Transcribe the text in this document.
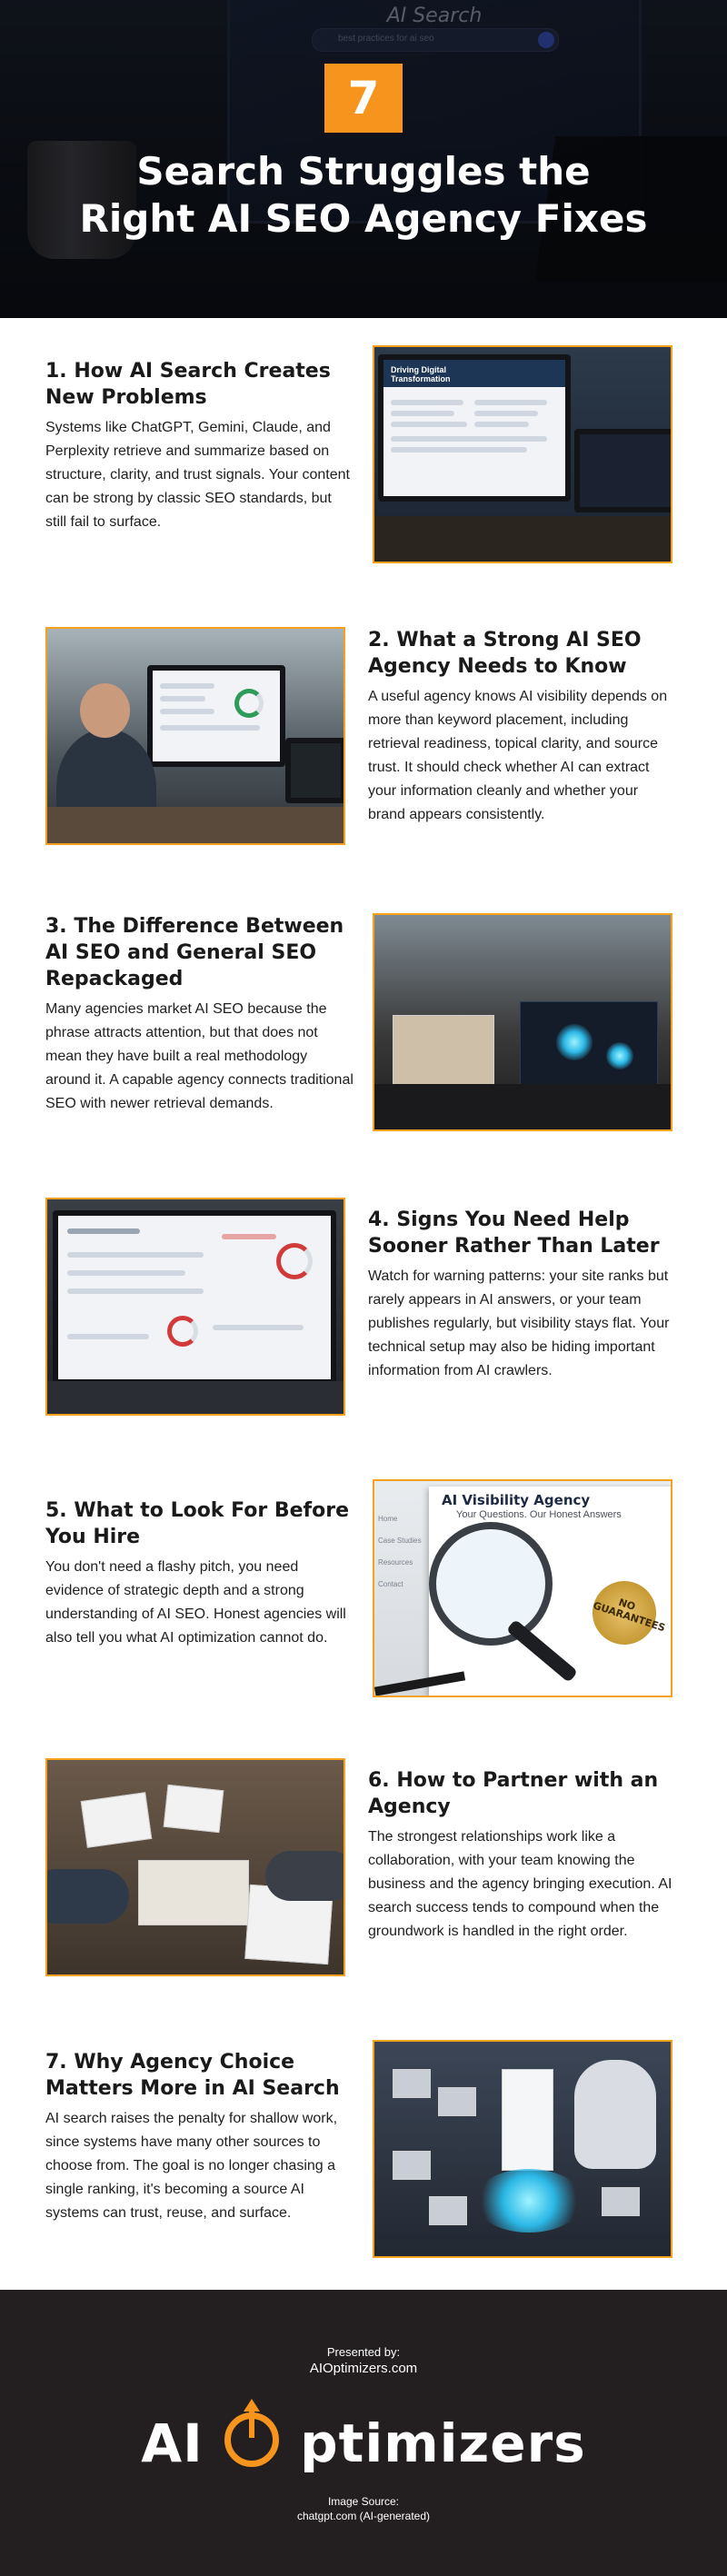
AI Search
best practices for ai seo
7
Search Struggles the
Right AI SEO Agency Fixes
1. How AI Search Creates New Problems

Systems like ChatGPT, Gemini, Claude, and Perplexity retrieve and summarize based on structure, clarity, and trust signals. Your content can be strong by classic SEO standards, but still fail to surface.

Driving Digital Transformation
2. What a Strong AI SEO Agency Needs to Know

A useful agency knows AI visibility depends on more than keyword placement, including retrieval readiness, topical clarity, and source trust. It should check whether AI can extract your information cleanly and whether your brand appears consistently.

3. The Difference Between AI SEO and General SEO Repackaged

Many agencies market AI SEO because the phrase attracts attention, but that does not mean they have built a real methodology around it. A capable agency connects traditional SEO with newer retrieval demands.

4. Signs You Need Help Sooner Rather Than Later

Watch for warning patterns: your site ranks but rarely appears in AI answers, or your team publishes regularly, but visibility stays flat. Your technical setup may also be hiding important information from AI crawlers.

5. What to Look For Before You Hire

You don't need a flashy pitch, you need evidence of strategic depth and a strong understanding of AI SEO. Honest agencies will also tell you what AI optimization cannot do.

Home
Case Studies
Resources
Contact
AI Visibility Agency
Your Questions. Our Honest Answers
NO GUARANTEES
6. How to Partner with an Agency

The strongest relationships work like a collaboration, with your team knowing the business and the agency bringing execution. AI search success tends to compound when the groundwork is handled in the right order.

7. Why Agency Choice Matters More in AI Search

AI search raises the penalty for shallow work, since systems have many other sources to choose from. The goal is no longer chasing a single ranking, it's becoming a source AI systems can trust, reuse, and surface.

Presented by:
AIOptimizers.com
AI ptimizers
Image Source:
chatgpt.com (AI-generated)
